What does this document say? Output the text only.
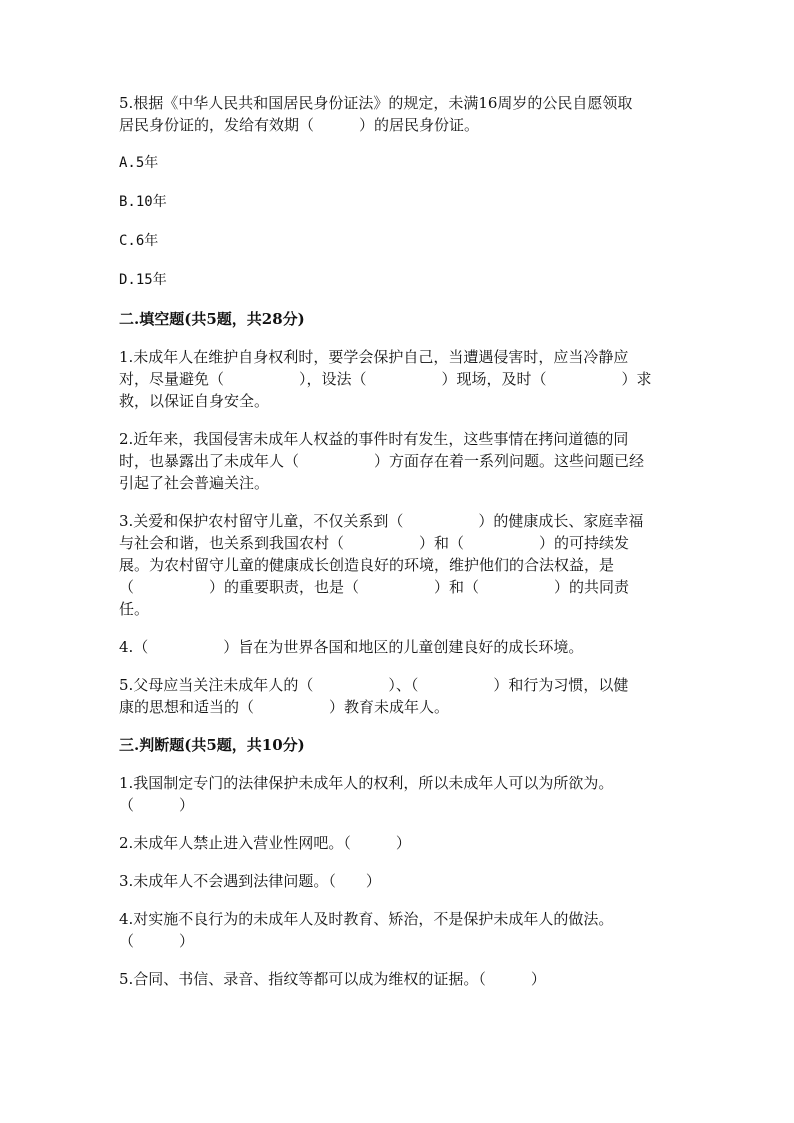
5.根据《中华人民共和国居民身份证法》的规定，未满16周岁的公民自愿领取
居民身份证的，发给有效期（　　　）的居民身份证。

A.5年

B.10年

C.6年

D.15年

二.填空题(共5题，共28分)

1.未成年人在维护自身权利时，要学会保护自己，当遭遇侵害时，应当冷静应
对，尽量避免（　　　　　），设法（　　　　　）现场，及时（　　　　　）求
救，以保证自身安全。

2.近年来，我国侵害未成年人权益的事件时有发生，这些事情在拷问道德的同
时，也暴露出了未成年人（　　　　　）方面存在着一系列问题。这些问题已经
引起了社会普遍关注。

3.关爱和保护农村留守儿童，不仅关系到（　　　　　）的健康成长、家庭幸福
与社会和谐，也关系到我国农村（　　　　　）和（　　　　　）的可持续发
展。为农村留守儿童的健康成长创造良好的环境，维护他们的合法权益，是
（　　　　　）的重要职责，也是（　　　　　）和（　　　　　）的共同责
任。

4.（　　　　　）旨在为世界各国和地区的儿童创建良好的成长环境。

5.父母应当关注未成年人的（　　　　　）、（　　　　　）和行为习惯，以健
康的思想和适当的（　　　　　）教育未成年人。

三.判断题(共5题，共10分)

1.我国制定专门的法律保护未成年人的权利，所以未成年人可以为所欲为。
（　　　）

2.未成年人禁止进入营业性网吧。（　　　）

3.未成年人不会遇到法律问题。（　　）

4.对实施不良行为的未成年人及时教育、矫治，不是保护未成年人的做法。
（　　　）

5.合同、书信、录音、指纹等都可以成为维权的证据。（　　　）
